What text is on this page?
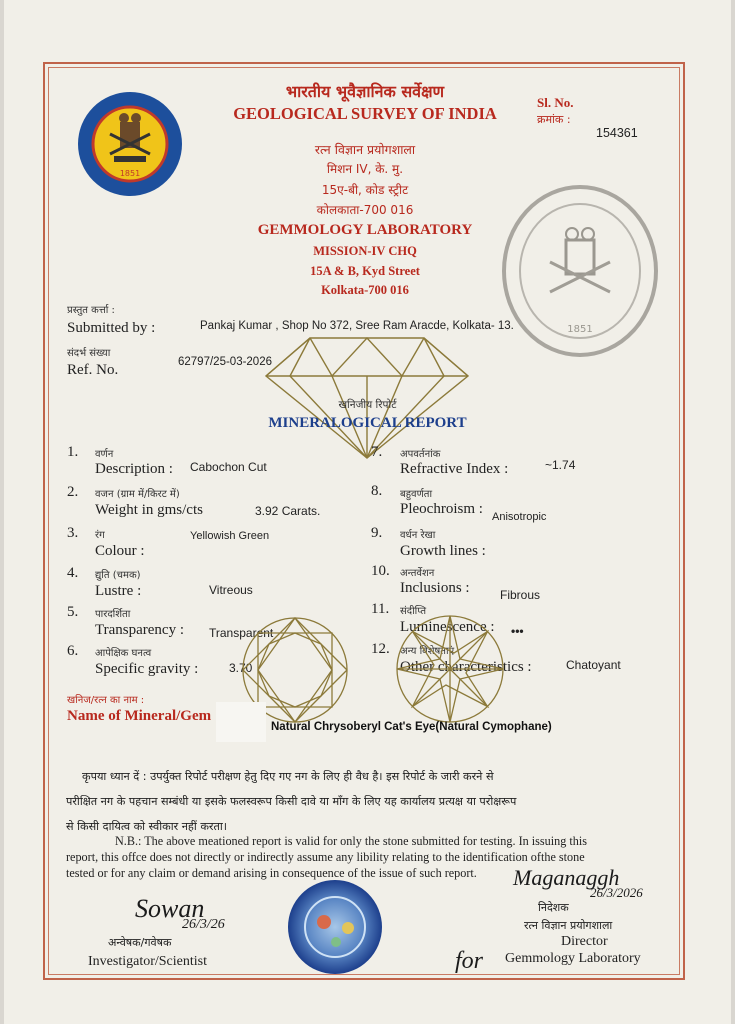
1851
भारतीय भूवैज्ञानिक सर्वेक्षण
GEOLOGICAL SURVEY OF INDIA
Sl. No.
क्रमांक :
154361
रत्न विज्ञान प्रयोगशाला
मिशन IV, के. मु.
15ए-बी, कोड स्ट्रीट
कोलकाता-700 016
GEMMOLOGY LABORATORY
MISSION-IV CHQ
15A & B, Kyd Street
Kolkata-700 016
1851
प्रस्तुत कर्त्ता :
Submitted by :	Pankaj Kumar , Shop No 372, Sree Ram Aracde, Kolkata- 13.
संदर्भ संख्या
Ref. No.	62797/25-03-2026
खनिजीय रिपोर्ट
MINERALOGICAL REPORT
1. वर्णन
Description : Cabochon Cut
2. वजन (ग्राम में/किरट में)
Weight in gms/cts	3.92 Carats.
3. रंग
Colour :
Yellowish Green
4. द्युति (चमक)
Lustre :	Vitreous
5. पारदर्शिता
Transparency : Transparent
6. आपेक्षिक घनत्व
Specific gravity :	3.70
7. अपवर्तनांक
Refractive Index :	~1.74
8. बहुवर्णता
Pleochroism : Anisotropic
9. वर्धन रेखा
Growth lines :
10. अन्तर्वेशन
Inclusions :	Fibrous
11. संदीप्ति
Luminescence : •••
12. अन्य विशेषताएं
Other characteristics :	Chatoyant
खनिज/रत्न का नाम :
Name of Mineral/Gem
Natural Chrysoberyl Cat's Eye(Natural Cymophane)
कृपया ध्यान दें : उपर्युक्त रिपोर्ट परीक्षण हेतु दिए गए नग के लिए ही वैध है। इस रिपोर्ट के जारी करने से
परीक्षित नग के पहचान सम्बंधी या इसके फलस्वरूप किसी दावे या माँग के लिए यह कार्यालय प्रत्यक्ष या परोक्षरूप
से किसी दायित्व को स्वीकार नहीं करता।
N.B.: The above meationed report is valid for only the stone submitted for testing. In issuing this
report, this offce does not directly or indirectly assume any libility relating to the identification ofthe stone
tested or for any claim or demand arising in consequence of the issue of such report.
Sowan
26/3/26
अन्वेषक/गवेषक
Investigator/Scientist
Maganaggh
26/3/2026
निदेशक
रत्न विज्ञान प्रयोगशाला
Director
Gemmology Laboratory
for
